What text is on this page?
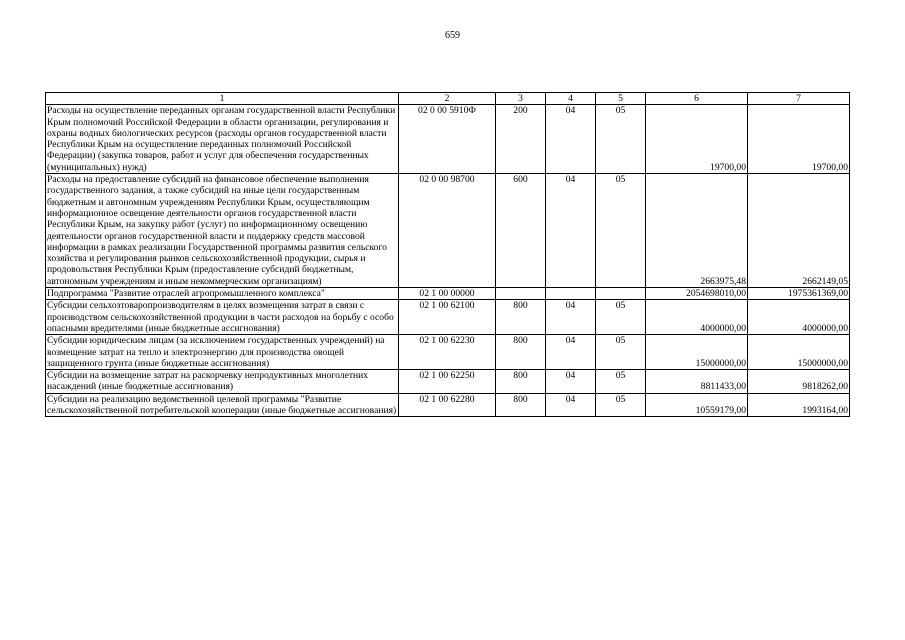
659
1	2	3	4	5	6	7
Расходы на осуществление переданных органам государственной власти Республики Крым полномочий Российской Федерации в области организации, регулирования и охраны водных биологических ресурсов (расходы органов государственной власти Республики Крым на осуществление переданных полномочий Российской Федерации) (закупка товаров, работ и услуг для обеспечения государственных (муниципальных) нужд)	02 0 00 5910Ф	200	04	05	19700,00	19700,00
Расходы на предоставление субсидий на финансовое обеспечение выполнения государственного задания, а также субсидий на иные цели государственным бюджетным и автономным учреждениям Республики Крым, осуществляющим информационное освещение деятельности органов государственной власти Республики Крым, на закупку работ (услуг) по информационному освещению деятельности органов государственной власти и поддержку средств массовой информации в рамках реализации Государственной программы развития сельского хозяйства и регулирования рынков сельскохозяйственной продукции, сырья и продовольствия Республики Крым (предоставление субсидий бюджетным, автономным учреждениям и иным некоммерческим организациям)	02 0 00 98700	600	04	05	2663975,48	2662149,05
Подпрограмма "Развитие отраслей агропромышленного комплекса"	02 1 00 00000				2054698010,00	1975361369,00
Субсидии сельхозтоваропроизводителям в целях возмещения затрат в связи с производством сельскохозяйственной продукции в части расходов на борьбу с особо опасными вредителями (иные бюджетные ассигнования)	02 1 00 62100	800	04	05	4000000,00	4000000,00
Субсидии юридическим лицам (за исключением государственных учреждений) на возмещение затрат на тепло и электроэнергию для производства овощей защищенного грунта (иные бюджетные ассигнования)	02 1 00 62230	800	04	05	15000000,00	15000000,00
Субсидии на возмещение затрат на раскорчевку непродуктивных многолетних насаждений (иные бюджетные ассигнования)	02 1 00 62250	800	04	05	8811433,00	9818262,00
Субсидии на реализацию ведомственной целевой программы "Развитие сельскохозяйственной потребительской кооперации (иные бюджетные ассигнования)	02 1 00 62280	800	04	05	10559179,00	1993164,00
